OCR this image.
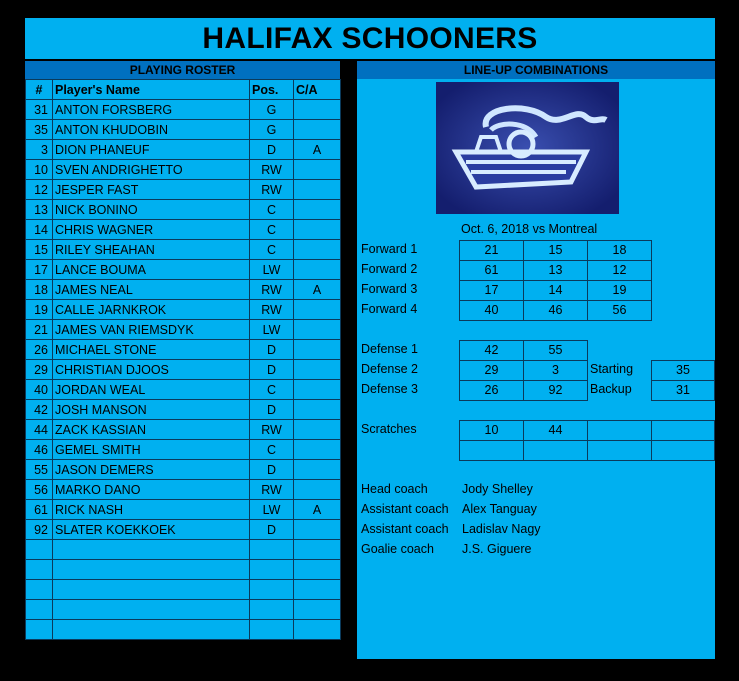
HALIFAX SCHOONERS
PLAYING ROSTER
#	Player's Name	Pos.	C/A
31	ANTON FORSBERG	G	
35	ANTON KHUDOBIN	G	
3	DION PHANEUF	D	A
10	SVEN ANDRIGHETTO	RW	
12	JESPER FAST	RW	
13	NICK BONINO	C	
14	CHRIS WAGNER	C	
15	RILEY SHEAHAN	C	
17	LANCE BOUMA	LW	
18	JAMES NEAL	RW	A
19	CALLE JARNKROK	RW	
21	JAMES VAN RIEMSDYK	LW	
26	MICHAEL STONE	D	
29	CHRISTIAN DJOOS	D	
40	JORDAN WEAL	C	
42	JOSH MANSON	D	
44	ZACK KASSIAN	RW	
46	GEMEL SMITH	C	
55	JASON DEMERS	D	
56	MARKO DANO	RW	
61	RICK NASH	LW	A
92	SLATER KOEKKOEK	D	

LINE-UP COMBINATIONS
Oct. 6, 2018 vs Montreal
Forward 1	21	15	18
Forward 2	61	13	12
Forward 3	17	14	19
Forward 4	40	46	56
Defense 1	42	55
Defense 2	29	3
Defense 3	26	92
Starting	35
Backup	31
Scratches	10	44
Head coach	Jody Shelley
Assistant coach Alex Tanguay
Assistant coach Ladislav Nagy
Goalie coach J.S. Giguere
